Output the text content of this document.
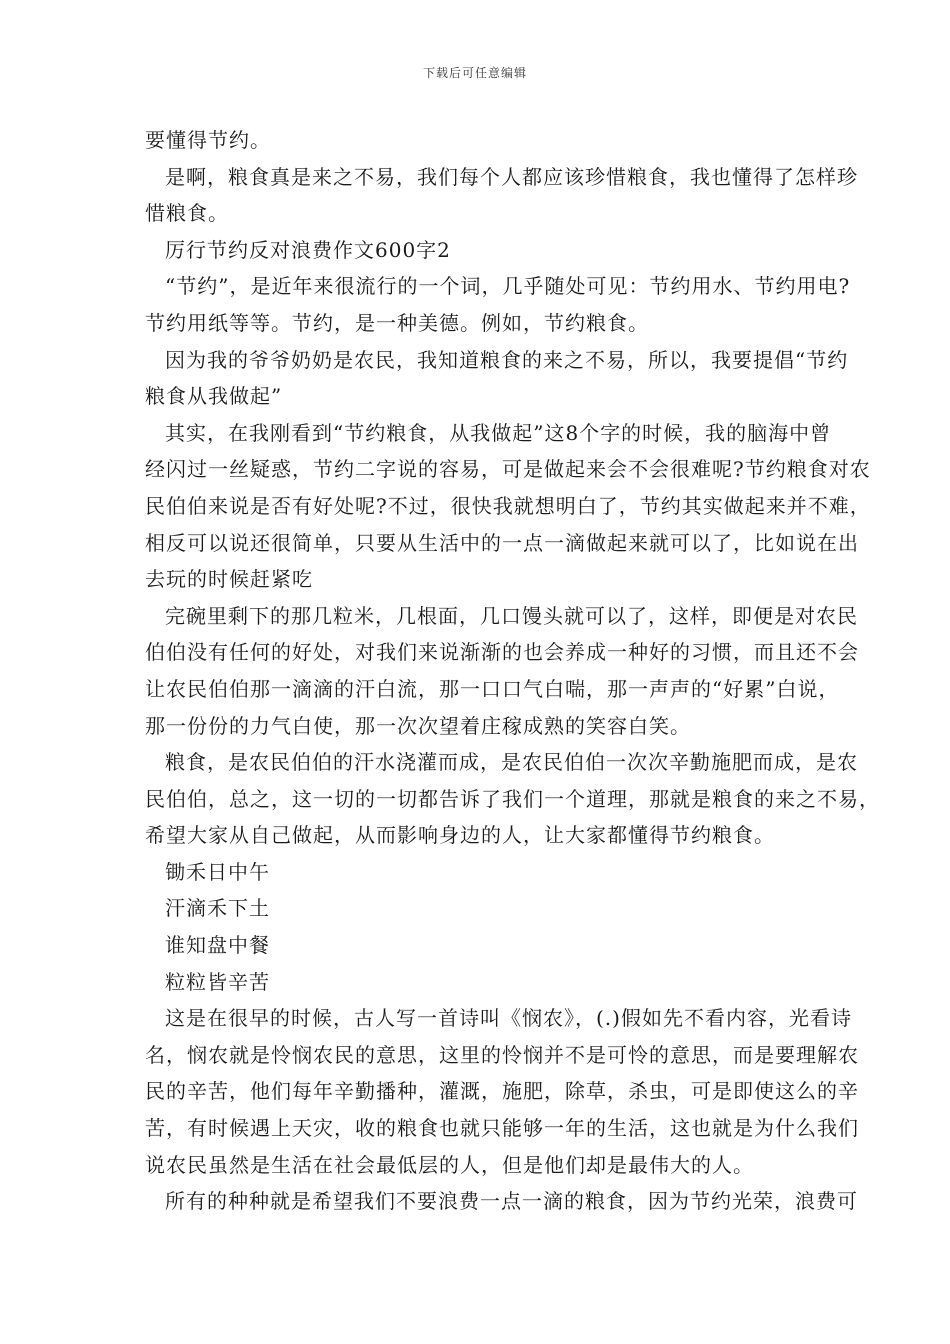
下载后可任意编辑
要懂得节约。
是啊，粮食真是来之不易，我们每个人都应该珍惜粮食，我也懂得了怎样珍
惜粮食。
厉行节约反对浪费作文600字2
“节约”，是近年来很流行的一个词，几乎随处可见：节约用水、节约用电?
节约用纸等等。节约，是一种美德。例如，节约粮食。
因为我的爷爷奶奶是农民，我知道粮食的来之不易，所以，我要提倡“节约
粮食从我做起”
其实，在我刚看到“节约粮食，从我做起”这8个字的时候，我的脑海中曾
经闪过一丝疑惑，节约二字说的容易，可是做起来会不会很难呢?节约粮食对农
民伯伯来说是否有好处呢?不过，很快我就想明白了，节约其实做起来并不难，
相反可以说还很简单，只要从生活中的一点一滴做起来就可以了，比如说在出
去玩的时候赶紧吃
完碗里剩下的那几粒米，几根面，几口馒头就可以了，这样，即便是对农民
伯伯没有任何的好处，对我们来说渐渐的也会养成一种好的习惯，而且还不会
让农民伯伯那一滴滴的汗白流，那一口口气白喘，那一声声的“好累”白说，
那一份份的力气白使，那一次次望着庄稼成熟的笑容白笑。
粮食，是农民伯伯的汗水浇灌而成，是农民伯伯一次次辛勤施肥而成，是农
民伯伯，总之，这一切的一切都告诉了我们一个道理，那就是粮食的来之不易，
希望大家从自己做起，从而影响身边的人，让大家都懂得节约粮食。
锄禾日中午
汗滴禾下土
谁知盘中餐
粒粒皆辛苦
这是在很早的时候，古人写一首诗叫《悯农》，(.)假如先不看内容，光看诗
名，悯农就是怜悯农民的意思，这里的怜悯并不是可怜的意思，而是要理解农
民的辛苦，他们每年辛勤播种，灌溉，施肥，除草，杀虫，可是即使这么的辛
苦，有时候遇上天灾，收的粮食也就只能够一年的生活，这也就是为什么我们
说农民虽然是生活在社会最低层的人，但是他们却是最伟大的人。
所有的种种就是希望我们不要浪费一点一滴的粮食，因为节约光荣，浪费可
